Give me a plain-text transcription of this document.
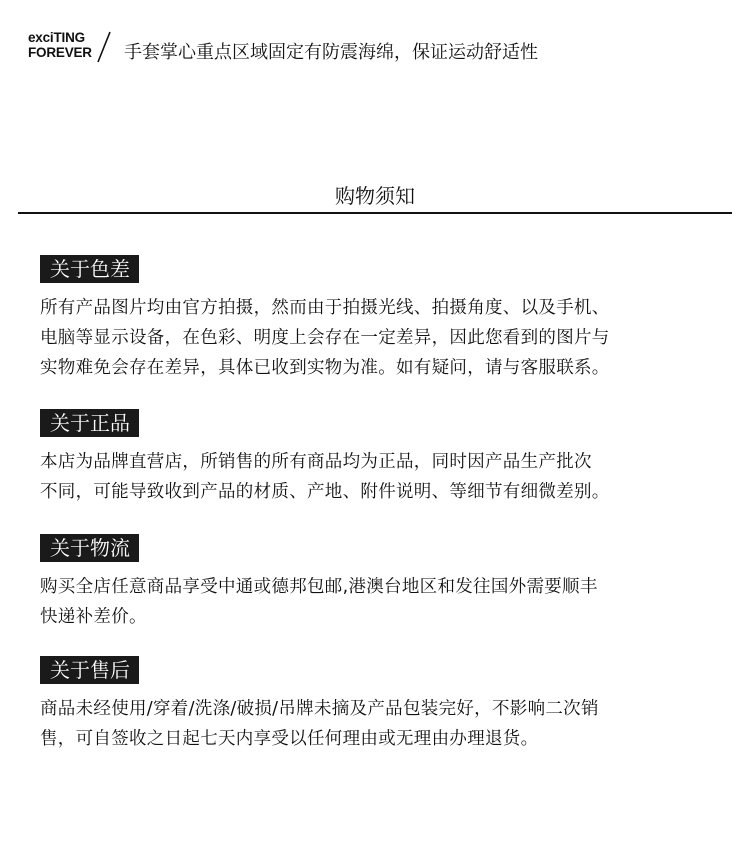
exciTING
FOREVER 手套掌心重点区域固定有防震海绵，保证运动舒适性
购物须知
关于色差
所有产品图片均由官方拍摄，然而由于拍摄光线、拍摄角度、以及手机、
电脑等显示设备，在色彩、明度上会存在一定差异，因此您看到的图片与
实物难免会存在差异，具体已收到实物为准。如有疑问，请与客服联系。
关于正品
本店为品牌直营店，所销售的所有商品均为正品，同时因产品生产批次
不同，可能导致收到产品的材质、产地、附件说明、等细节有细微差别。
关于物流
购买全店任意商品享受中通或德邦包邮,港澳台地区和发往国外需要顺丰
快递补差价。
关于售后
商品未经使用/穿着/洗涤/破损/吊牌未摘及产品包装完好，不影响二次销
售，可自签收之日起七天内享受以任何理由或无理由办理退货。
